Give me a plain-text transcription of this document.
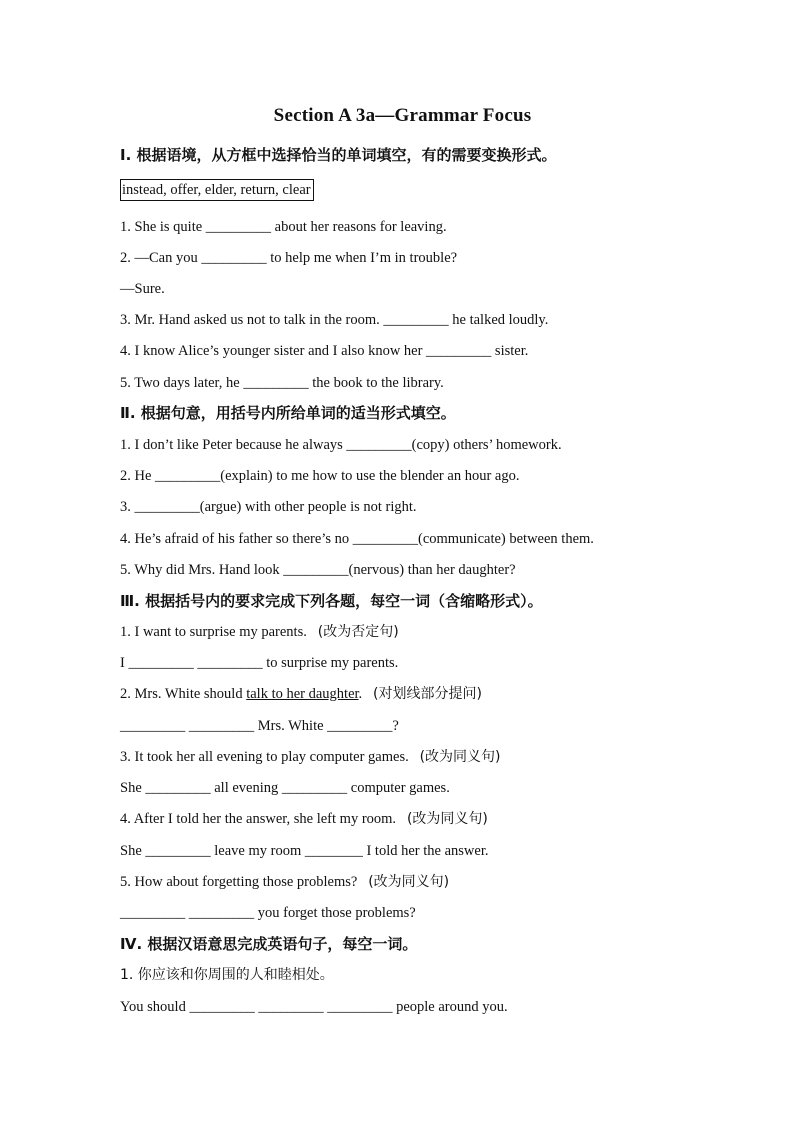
Section A 3a—Grammar Focus
Ⅰ. 根据语境，从方框中选择恰当的单词填空，有的需要变换形式。
instead, offer, elder, return, clear
1. She is quite _________ about her reasons for leaving.
2. —Can you _________ to help me when I’m in trouble?
—Sure.
3. Mr. Hand asked us not to talk in the room. _________ he talked loudly.
4. I know Alice’s younger sister and I also know her _________ sister.
5. Two days later, he _________ the book to the library.
Ⅱ. 根据句意，用括号内所给单词的适当形式填空。
1. I don’t like Peter because he always _________(copy) others’ homework.
2. He _________(explain) to me how to use the blender an hour ago.
3. _________(argue) with other people is not right.
4. He’s afraid of his father so there’s no _________(communicate) between them.
5. Why did Mrs. Hand look _________(nervous) than her daughter?
Ⅲ. 根据括号内的要求完成下列各题，每空一词（含缩略形式）。
1. I want to surprise my parents. (改为否定句)
I _________ _________ to surprise my parents.
2. Mrs. White should talk to her daughter. (对划线部分提问)
_________ _________ Mrs. White _________?
3. It took her all evening to play computer games. (改为同义句)
She _________ all evening _________ computer games.
4. After I told her the answer, she left my room. (改为同义句)
She _________ leave my room ________ I told her the answer.
5. How about forgetting those problems? (改为同义句)
_________ _________ you forget those problems?
Ⅳ. 根据汉语意思完成英语句子，每空一词。
1. 你应该和你周围的人和睦相处。
You should _________ _________ _________ people around you.
